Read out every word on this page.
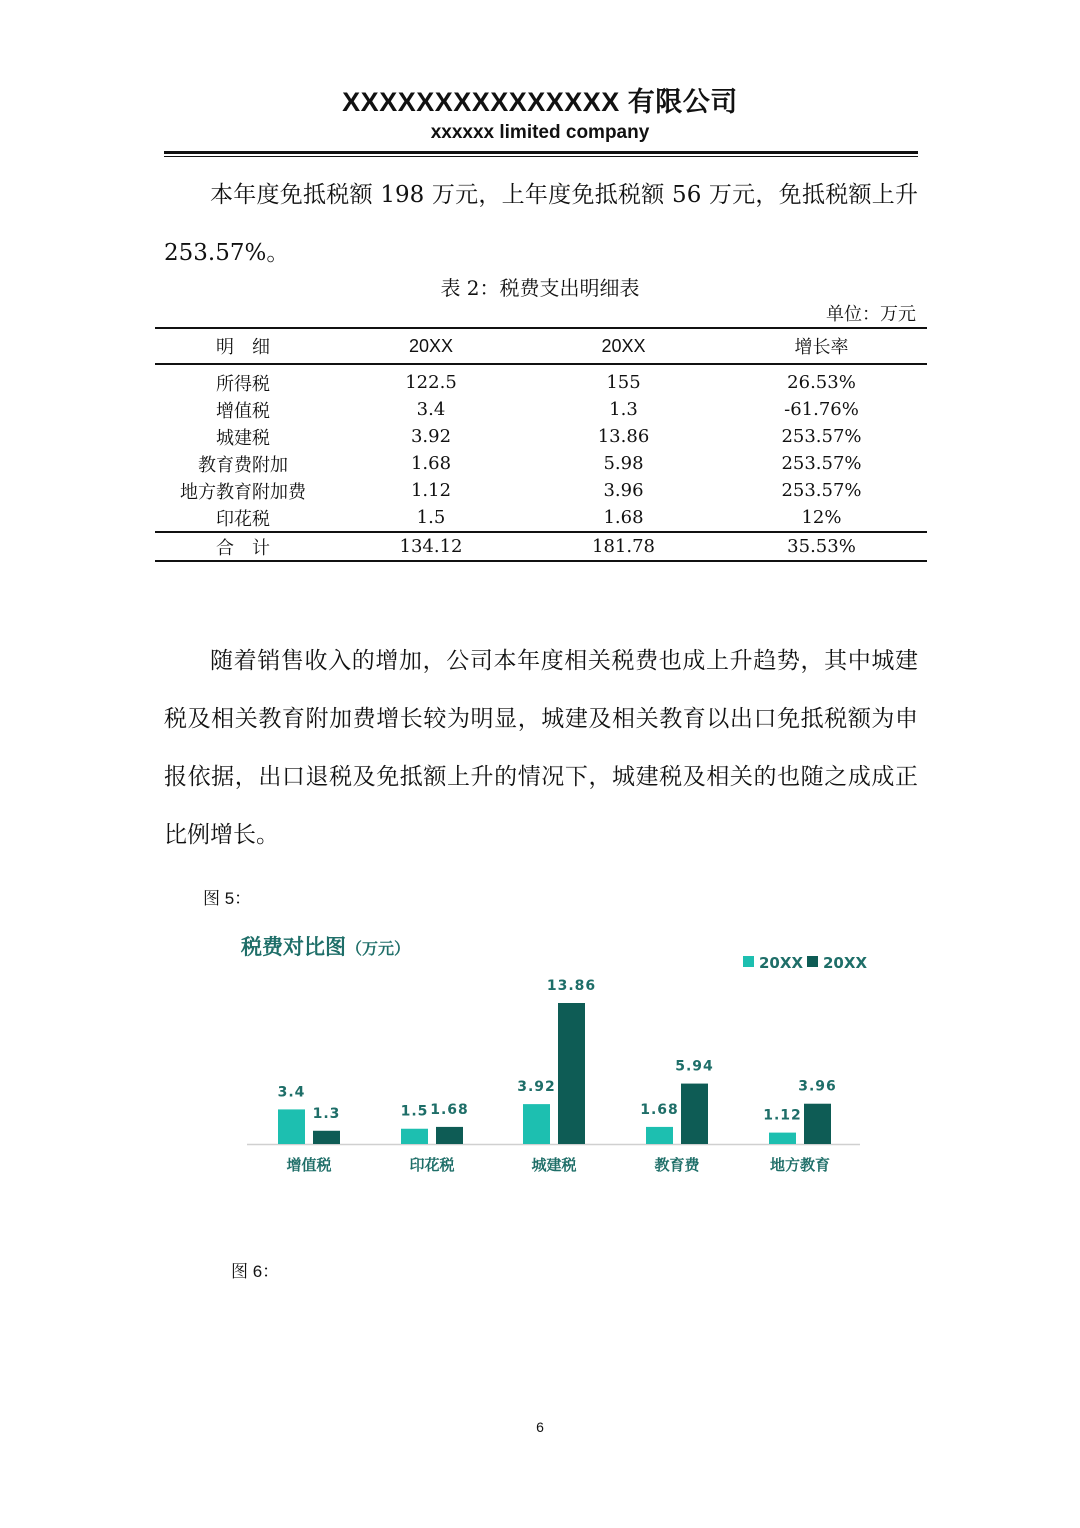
XXXXXXXXXXXXXXX 有限公司
xxxxxx limited company
本年度免抵税额 198 万元，上年度免抵税额 56 万元，免抵税额上升 253.57%。
表 2：税费支出明细表
单位：万元
明　细	20XX	20XX	增长率
所得税	122.5	155	26.53%
增值税	3.4	1.3	-61.76%
城建税	3.92	13.86	253.57%
教育费附加	1.68	5.98	253.57%
地方教育附加费	1.12	3.96	253.57%
印花税	1.5	1.68	12%
合　计	134.12	181.78	35.53%
随着销售收入的增加，公司本年度相关税费也成上升趋势，其中城建税及相关教育附加费增长较为明显，城建及相关教育以出口免抵税额为申报依据，出口退税及免抵额上升的情况下，城建税及相关的也随之成成正比例增长。
图 5：
税费对比图（万元）
3.4
1.3
增值税
1.5 1.68
印花税
3.92
13.86
城建税
1.68
5.94
教育费
1.12
3.96
地方教育
20XX 20XX
图 6：
6
